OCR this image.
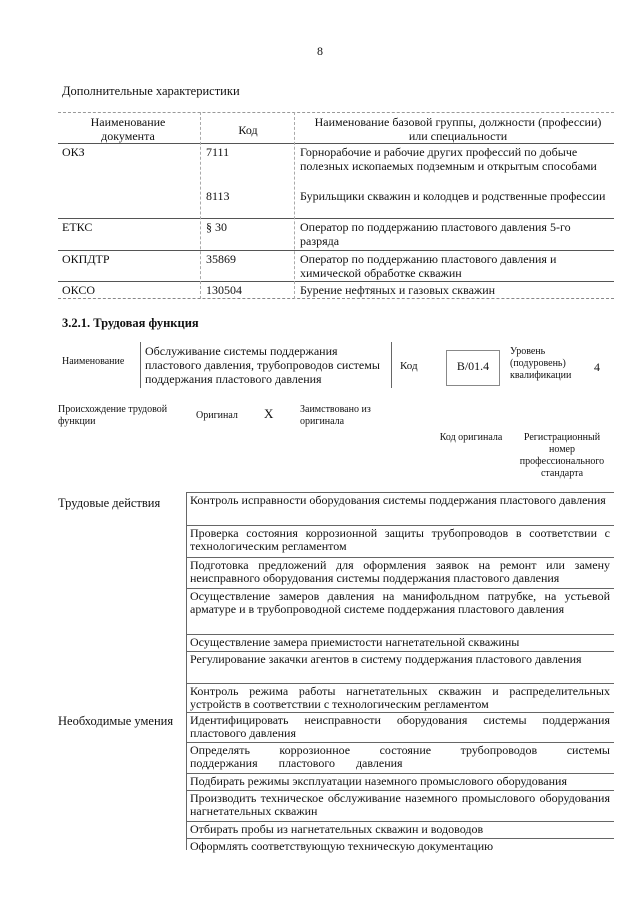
8
Дополнительные характеристики
Наименование документа	Код
Наименование базовой группы, должности (профессии) или специальности
ОКЗ	7111	Горнорабочие и рабочие других профессий по добыче полезных ископаемых подземным и открытым способами
8113	Бурильщики скважин и колодцев и родственные профессии
ЕТКС	§ 30	Оператор по поддержанию пластового давления 5-го разряда
ОКПДТР	35869	Оператор по поддержанию пластового давления и химической обработке скважин
ОКСО	130504	Бурение нефтяных и газовых скважин
3.2.1. Трудовая функция
Наименование
Обслуживание системы поддержания пластового давления, трубопроводов системы поддержания пластового давления
Код	В/01.4
Уровень (подуровень) квалификации
4
Происхождение трудовой функции
Оригинал X	Заимствовано из оригинала
Код оригинала	Регистрационный номер профессионального стандарта
Трудовые действия
Необходимые умения
Контроль исправности оборудования системы поддержания пластового давления
Проверка состояния коррозионной защиты трубопроводов в соответствии с технологическим регламентом
Подготовка предложений для оформления заявок на ремонт или замену неисправного оборудования системы поддержания пластового давления
Осуществление замеров давления на манифольдном патрубке, на устьевой арматуре и в трубопроводной системе поддержания пластового давления
Осуществление замера приемистости нагнетательной скважины
Регулирование закачки агентов в систему поддержания пластового давления
Контроль режима работы нагнетательных скважин и распределительных устройств в соответствии с технологическим регламентом
Идентифицировать неисправности оборудования системы поддержания пластового давления
Определять коррозионное состояние трубопроводов системы поддержания пластового давления
Подбирать режимы эксплуатации наземного промыслового оборудования
Производить техническое обслуживание наземного промыслового оборудования нагнетательных скважин
Отбирать пробы из нагнетательных скважин и водоводов
Оформлять соответствующую техническую документацию
